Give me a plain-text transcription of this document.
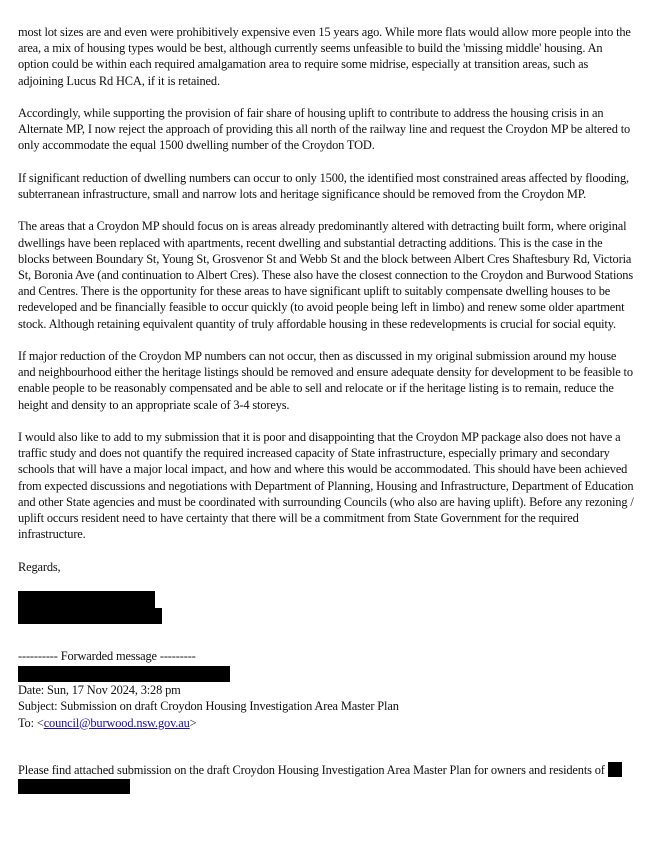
most lot sizes are and even were prohibitively expensive even 15 years ago. While more flats would allow more people into the area, a mix of housing types would be best, although currently seems unfeasible to build the 'missing middle' housing. An option could be within each required amalgamation area to require some midrise, especially at transition areas, such as adjoining Lucus Rd HCA, if it is retained.

Accordingly, while supporting the provision of fair share of housing uplift to contribute to address the housing crisis in an Alternate MP, I now reject the approach of providing this all north of the railway line and request the Croydon MP be altered to only accommodate the equal 1500 dwelling number of the Croydon TOD.

If significant reduction of dwelling numbers can occur to only 1500, the identified most constrained areas affected by flooding, subterranean infrastructure, small and narrow lots and heritage significance should be removed from the Croydon MP.

The areas that a Croydon MP should focus on is areas already predominantly altered with detracting built form, where original dwellings have been replaced with apartments, recent dwelling and substantial detracting additions. This is the case in the blocks between Boundary St, Young St, Grosvenor St and Webb St and the block between Albert Cres Shaftesbury Rd, Victoria St, Boronia Ave (and continuation to Albert Cres). These also have the closest connection to the Croydon and Burwood Stations and Centres. There is the opportunity for these areas to have significant uplift to suitably compensate dwelling houses to be redeveloped and be financially feasible to occur quickly (to avoid people being left in limbo) and renew some older apartment stock. Although retaining equivalent quantity of truly affordable housing in these redevelopments is crucial for social equity.

If major reduction of the Croydon MP numbers can not occur, then as discussed in my original submission around my house and neighbourhood either the heritage listings should be removed and ensure adequate density for development to be feasible to enable people to be reasonably compensated and be able to sell and relocate or if the heritage listing is to remain, reduce the height and density to an appropriate scale of 3-4 storeys.

I would also like to add to my submission that it is poor and disappointing that the Croydon MP package also does not have a traffic study and does not quantify the required increased capacity of State infrastructure, especially primary and secondary schools that will have a major local impact, and how and where this would be accommodated. This should have been achieved from expected discussions and negotiations with Department of Planning, Housing and Infrastructure, Department of Education and other State agencies and must be coordinated with surrounding Councils (who also are having uplift). Before any rezoning / uplift occurs resident need to have certainty that there will be a commitment from State Government for the required infrastructure.

Regards,

---------- Forwarded message ---------

Date: Sun, 17 Nov 2024, 3:28 pm

Subject: Submission on draft Croydon Housing Investigation Area Master Plan

To: <council@burwood.nsw.gov.au>

Please find attached submission on the draft Croydon Housing Investigation Area Master Plan for owners and residents of
